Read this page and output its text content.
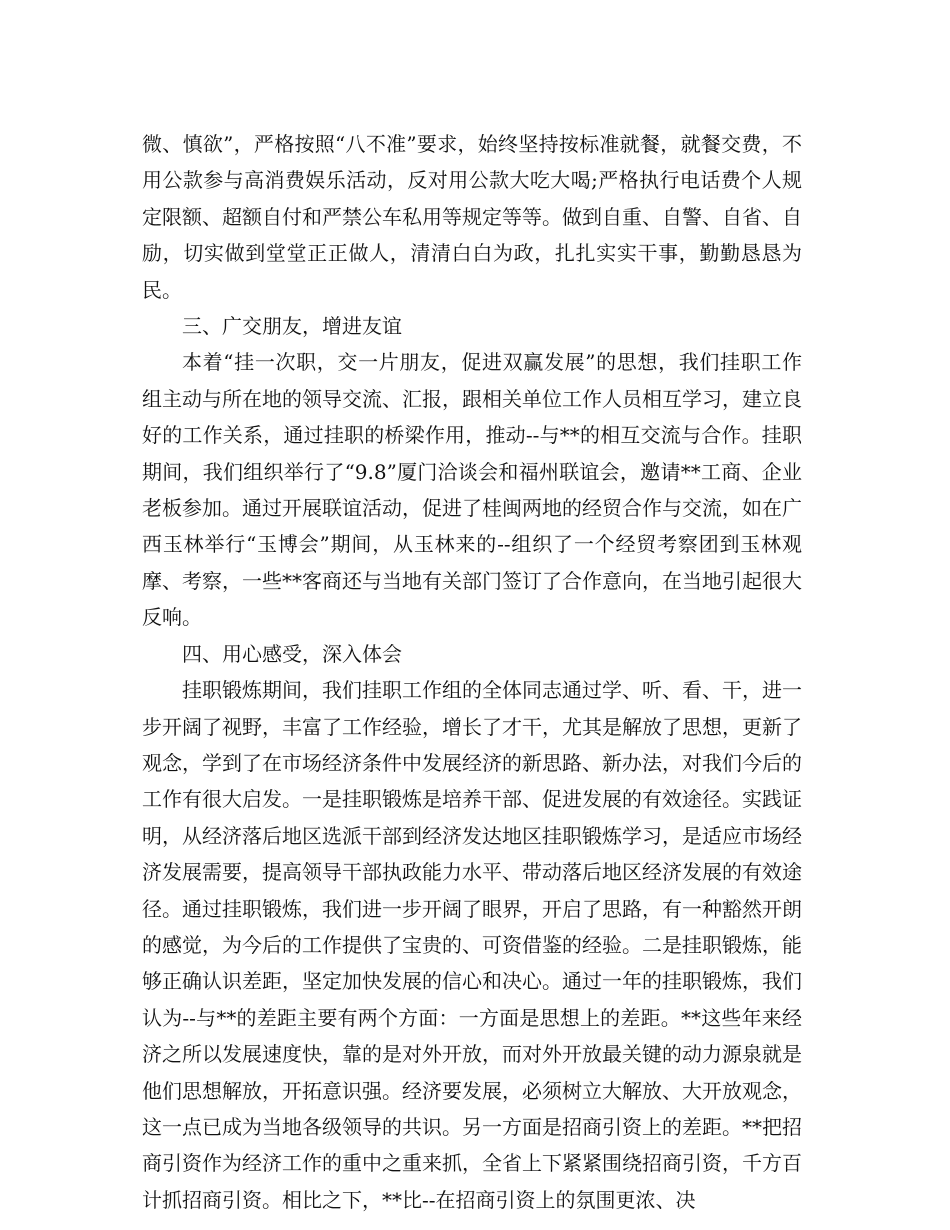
微、慎欲”，严格按照“八不准”要求，始终坚持按标准就餐，就餐交费，不用公款参与高消费娱乐活动，反对用公款大吃大喝;严格执行电话费个人规定限额、超额自付和严禁公车私用等规定等等。做到自重、自警、自省、自励，切实做到堂堂正正做人，清清白白为政，扎扎实实干事，勤勤恳恳为民。

三、广交朋友，增进友谊

本着“挂一次职，交一片朋友，促进双赢发展”的思想，我们挂职工作组主动与所在地的领导交流、汇报，跟相关单位工作人员相互学习，建立良好的工作关系，通过挂职的桥梁作用，推动--与**的相互交流与合作。挂职期间，我们组织举行了“9.8”厦门洽谈会和福州联谊会，邀请**工商、企业老板参加。通过开展联谊活动，促进了桂闽两地的经贸合作与交流，如在广西玉林举行“玉博会”期间，从玉林来的--组织了一个经贸考察团到玉林观摩、考察，一些**客商还与当地有关部门签订了合作意向，在当地引起很大反响。

四、用心感受，深入体会

挂职锻炼期间，我们挂职工作组的全体同志通过学、听、看、干，进一步开阔了视野，丰富了工作经验，增长了才干，尤其是解放了思想，更新了观念，学到了在市场经济条件中发展经济的新思路、新办法，对我们今后的工作有很大启发。一是挂职锻炼是培养干部、促进发展的有效途径。实践证明，从经济落后地区选派干部到经济发达地区挂职锻炼学习，是适应市场经济发展需要，提高领导干部执政能力水平、带动落后地区经济发展的有效途径。通过挂职锻炼，我们进一步开阔了眼界，开启了思路，有一种豁然开朗的感觉，为今后的工作提供了宝贵的、可资借鉴的经验。二是挂职锻炼，能够正确认识差距，坚定加快发展的信心和决心。通过一年的挂职锻炼，我们认为--与**的差距主要有两个方面：一方面是思想上的差距。**这些年来经济之所以发展速度快，靠的是对外开放，而对外开放最关键的动力源泉就是他们思想解放，开拓意识强。经济要发展，必须树立大解放、大开放观念，这一点已成为当地各级领导的共识。另一方面是招商引资上的差距。**把招商引资作为经济工作的重中之重来抓，全省上下紧紧围绕招商引资，千方百计抓招商引资。相比之下，**比--在招商引资上的氛围更浓、决
